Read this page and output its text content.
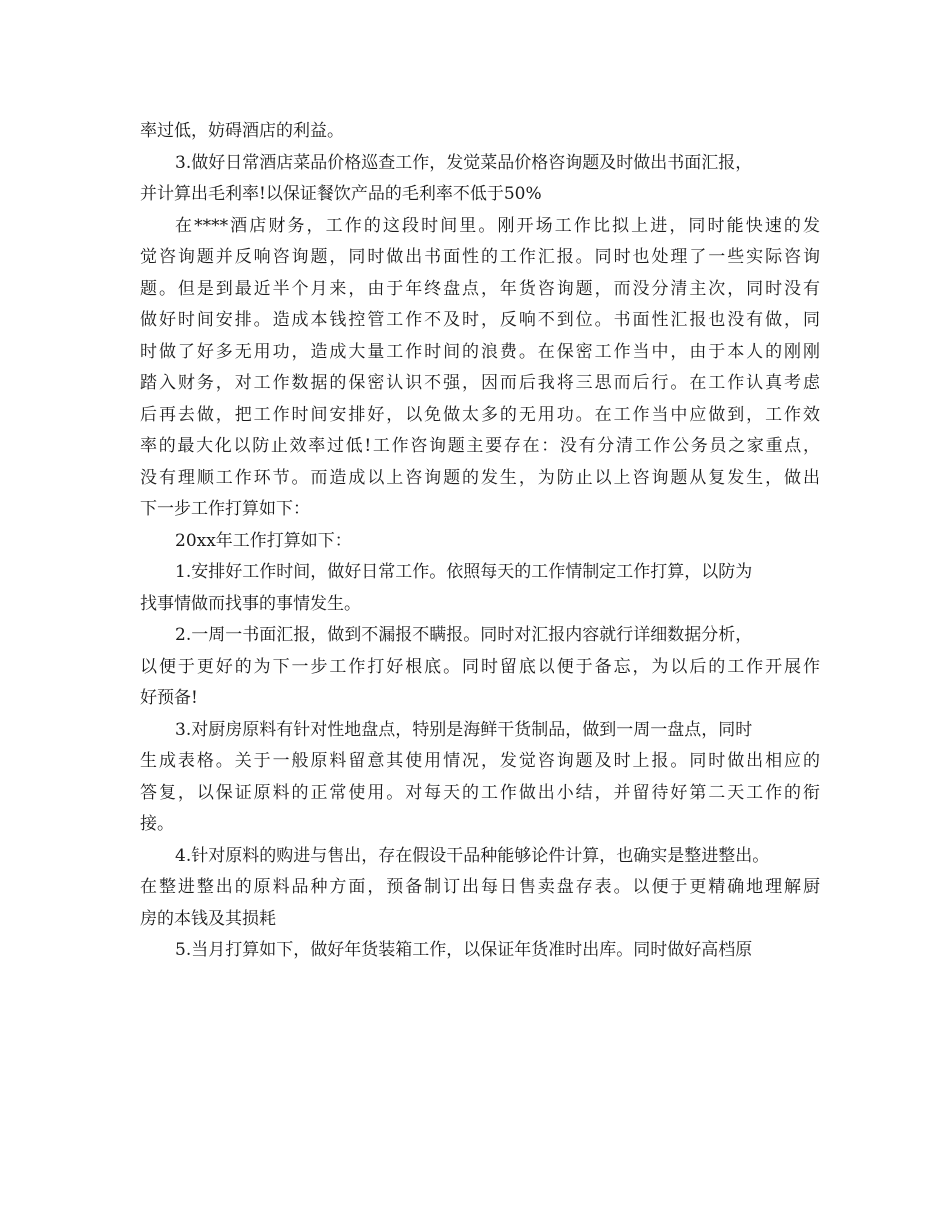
率过低，妨碍酒店的利益。
3.做好日常酒店菜品价格巡查工作，发觉菜品价格咨询题及时做出书面汇报，
并计算出毛利率!以保证餐饮产品的毛利率不低于50%
在****酒店财务，工作的这段时间里。刚开场工作比拟上进，同时能快速的发
觉咨询题并反响咨询题，同时做出书面性的工作汇报。同时也处理了一些实际咨询
题。但是到最近半个月来，由于年终盘点，年货咨询题，而没分清主次，同时没有
做好时间安排。造成本钱控管工作不及时，反响不到位。书面性汇报也没有做，同
时做了好多无用功，造成大量工作时间的浪费。在保密工作当中，由于本人的刚刚
踏入财务，对工作数据的保密认识不强，因而后我将三思而后行。在工作认真考虑
后再去做，把工作时间安排好，以免做太多的无用功。在工作当中应做到，工作效
率的最大化以防止效率过低!工作咨询题主要存在：没有分清工作公务员之家重点，
没有理顺工作环节。而造成以上咨询题的发生，为防止以上咨询题从复发生，做出
下一步工作打算如下：
20xx年工作打算如下：
1.安排好工作时间，做好日常工作。依照每天的工作情制定工作打算，以防为
找事情做而找事的事情发生。
2.一周一书面汇报，做到不漏报不瞒报。同时对汇报内容就行详细数据分析，
以便于更好的为下一步工作打好根底。同时留底以便于备忘，为以后的工作开展作
好预备!
3.对厨房原料有针对性地盘点，特别是海鲜干货制品，做到一周一盘点，同时
生成表格。关于一般原料留意其使用情况，发觉咨询题及时上报。同时做出相应的
答复，以保证原料的正常使用。对每天的工作做出小结，并留待好第二天工作的衔
接。
4.针对原料的购进与售出，存在假设干品种能够论件计算，也确实是整进整出。
在整进整出的原料品种方面，预备制订出每日售卖盘存表。以便于更精确地理解厨
房的本钱及其损耗
5.当月打算如下，做好年货装箱工作，以保证年货准时出库。同时做好高档原
